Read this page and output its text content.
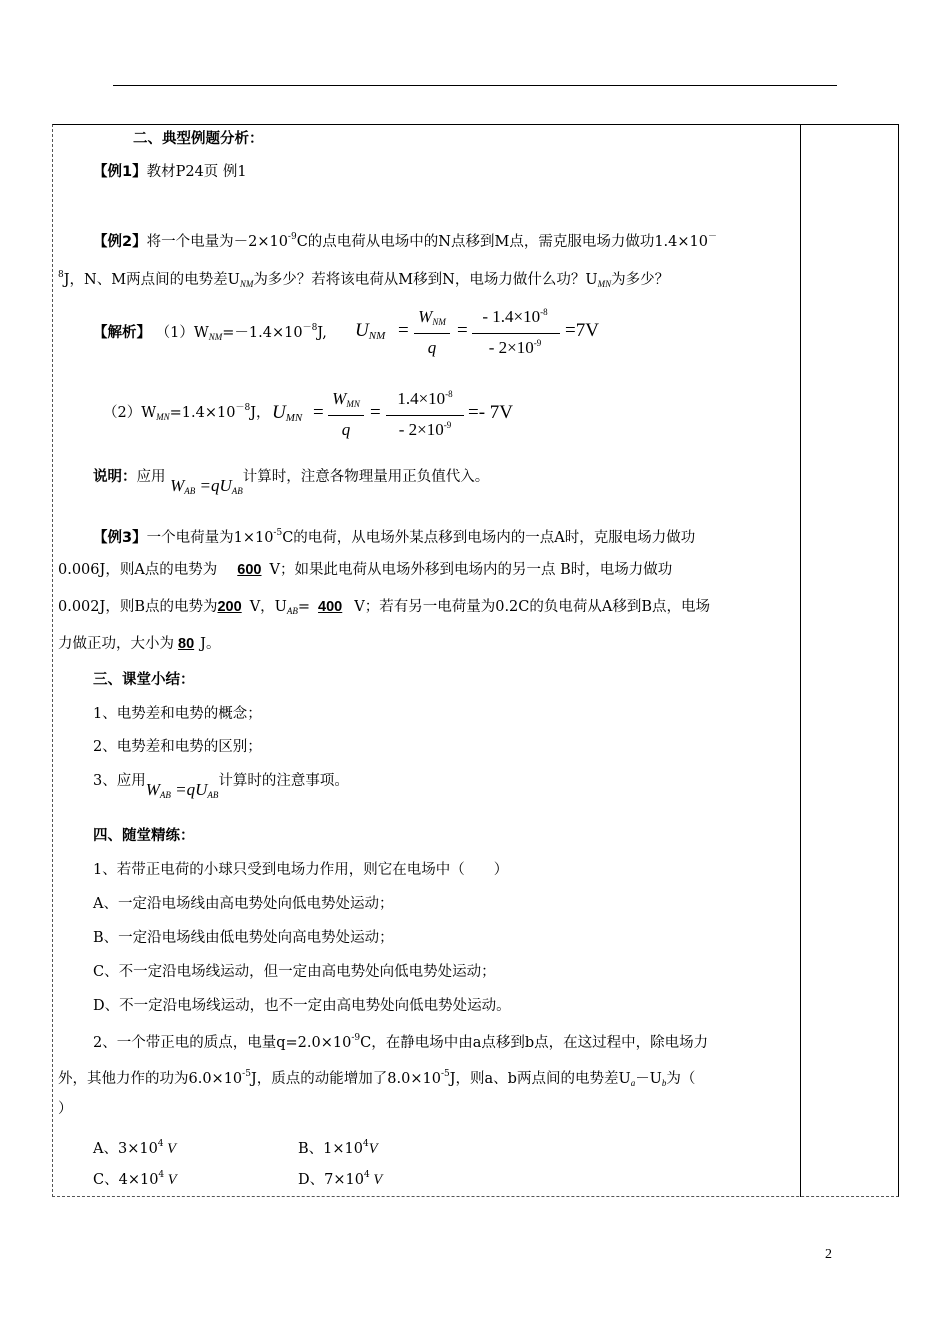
二、典型例题分析：
【例1】教材P24页 例1
【例2】将一个电量为$-2\times 10^{-9}C$的点电荷从电场中的N点移到M点，需克服电场力做功1.4×10－
$^8$J，N、M两点间的电势差$U_{NM}$为多少？若将该电荷从M移到N，电场力做什么功？$U_{MN}$为多少？
【解析】 $(1)W_{NM}=-1.4\times 10^{-8}J$, $U_{NM}$ =
$W_{NM}$
q
=
- $1.4\times 10^{-8}$
- $2\times 10^{-9}$
=7V
$(2)W_{MN}=1.4\times 10^{-8}J$， $U_{MN}$ =
$W_{MN}$
q
=
$1.4\times 10^{-8}$
- $2\times 10^{-9}$
=- 7V
说明：应用 $W_{AB} =qU_{AB}$计算时，注意各物理量用正负值代入。
【例3】一个电荷量为$1\times 10^{-5}C$的电荷，从电场外某点移到电场内的一点A时，克服电场力做功
0.006J，则A点的电势为 600 V；如果此电荷从电场外移到电场内的另一点 B时，电场力做功
0.002J，则B点的电势为200 V，$U_{AB}= 400$ V；若有另一电荷量为0.2C的负电荷从A移到B点，电场
力做正功，大小为 80 J。
三、课堂小结：
1、电势差和电势的概念；
2、电势差和电势的区别；
3、应用$W_{AB} =qU_{AB}$计算时的注意事项。
四、随堂精练：
1、若带正电荷的小球只受到电场力作用，则它在电场中（　　）
A、一定沿电场线由高电势处向低电势处运动；
B、一定沿电场线由低电势处向高电势处运动；
C、不一定沿电场线运动，但一定由高电势处向低电势处运动；
D、不一定沿电场线运动，也不一定由高电势处向低电势处运动。
2、一个带正电的质点，电量$q=2.0\times 10^{-9}C$，在静电场中由a点移到b点，在这过程中，除电场力
外，其他力作的功为$6.0\times 10^{-5}J$，质点的动能增加了$8.0\times 10^{-5}J$，则a、b两点间的电势差$U_a-U_b$为（
）
A、$3\times 10^4$ V	B、$1\times 10^4V$
C、$4\times 10^4$ V	D、$7\times 10^4$ V
2
